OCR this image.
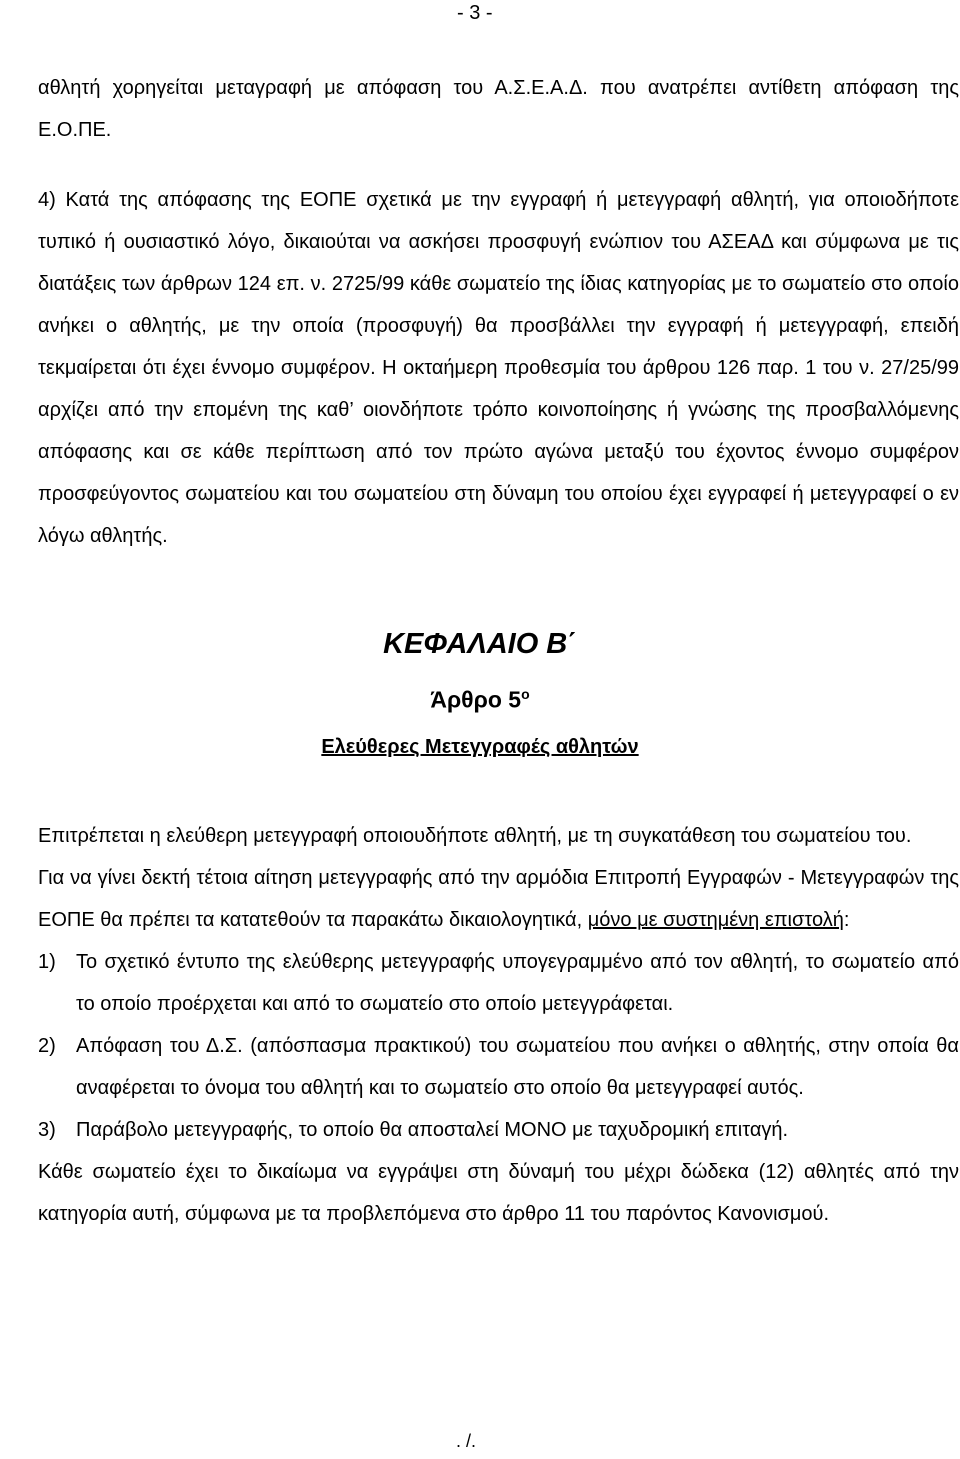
- 3 -

αθλητή χορηγείται μεταγραφή με απόφαση του Α.Σ.Ε.Α.Δ. που ανατρέπει αντίθετη απόφαση της Ε.Ο.ΠΕ.

4) Κατά της απόφασης της ΕΟΠΕ σχετικά με την εγγραφή ή μετεγγραφή αθλητή, για οποιοδήποτε τυπικό ή ουσιαστικό λόγο, δικαιούται να ασκήσει προσφυγή ενώπιον του ΑΣΕΑΔ και σύμφωνα με τις διατάξεις των άρθρων 124 επ. ν. 2725/99 κάθε σωματείο της ίδιας κατηγορίας με το σωματείο στο οποίο ανήκει ο αθλητής, με την οποία (προσφυγή) θα προσβάλλει την εγγραφή ή μετεγγραφή, επειδή τεκμαίρεται ότι έχει έννομο συμφέρον. Η οκταήμερη προθεσμία του άρθρου 126 παρ. 1 του ν. 27/25/99 αρχίζει από την επομένη της καθ’ οιονδήποτε τρόπο κοινοποίησης ή γνώσης της προσβαλλόμενης απόφασης και σε κάθε περίπτωση από τον πρώτο αγώνα μεταξύ του έχοντος έννομο συμφέρον προσφεύγοντος σωματείου και του σωματείου στη δύναμη του οποίου έχει εγγραφεί ή μετεγγραφεί ο εν λόγω αθλητής.

ΚΕΦΑΛΑΙΟ Β΄
Άρθρο $5^o$
Ελεύθερες Μετεγγραφές αθλητών

Επιτρέπεται η ελεύθερη μετεγγραφή οποιουδήποτε αθλητή, με τη συγκατάθεση του σωματείου του.

Για να γίνει δεκτή τέτοια αίτηση μετεγγραφής από την αρμόδια Επιτροπή Εγγραφών - Μετεγγραφών της ΕΟΠΕ θα πρέπει τα κατατεθούν τα παρακάτω δικαιολογητικά, μόνο με συστημένη επιστολή:

1)	Το σχετικό έντυπο της ελεύθερης μετεγγραφής υπογεγραμμένο από τον αθλητή, το σωματείο από το οποίο προέρχεται και από το σωματείο στο οποίο μετεγγράφεται.
2)	Απόφαση του Δ.Σ. (απόσπασμα πρακτικού) του σωματείου που ανήκει ο αθλητής, στην οποία θα αναφέρεται το όνομα του αθλητή και το σωματείο στο οποίο θα μετεγγραφεί αυτός.
3)	Παράβολο μετεγγραφής, το οποίο θα αποσταλεί ΜΟΝΟ με ταχυδρομική επιταγή.

Κάθε σωματείο έχει το δικαίωμα να εγγράψει στη δύναμή του μέχρι δώδεκα (12) αθλητές από την κατηγορία αυτή, σύμφωνα με τα προβλεπόμενα στο άρθρο 11 του παρόντος Κανονισμού.

. /.
